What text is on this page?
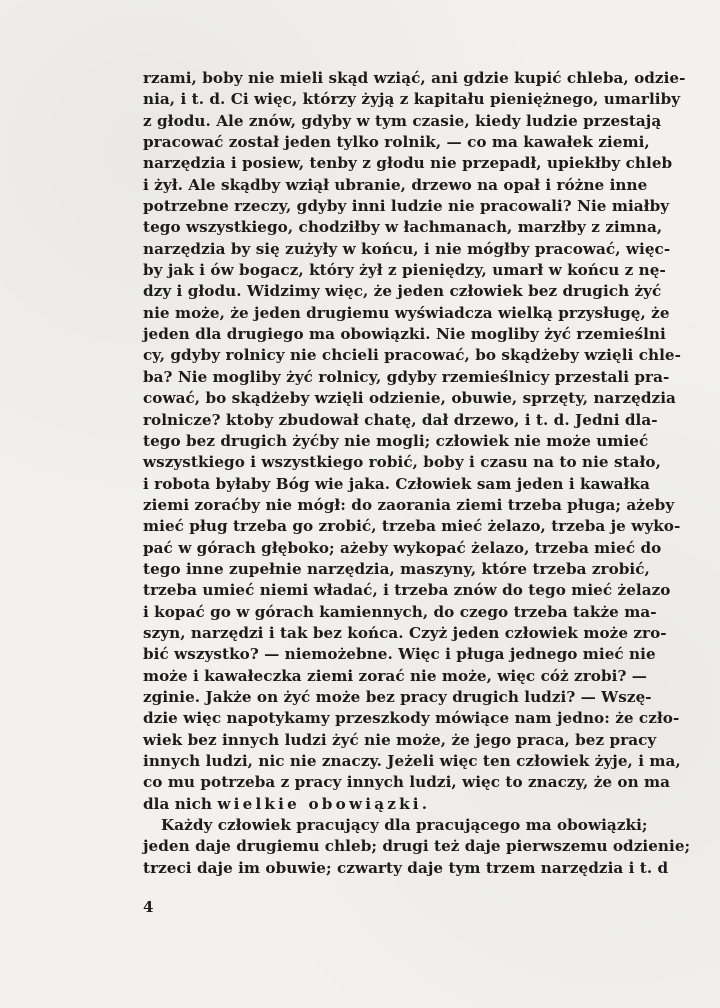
rzami, boby nie mieli skąd wziąć, ani gdzie kupić chleba, odzie-
nia, i t. d. Ci więc, którzy żyją z kapitału pieniężnego, umarliby
z głodu. Ale znów, gdyby w tym czasie, kiedy ludzie przestają
pracować został jeden tylko rolnik, — co ma kawałek ziemi,
narzędzia i posiew, tenby z głodu nie przepadł, upiekłby chleb
i żył. Ale skądby wziął ubranie, drzewo na opał i różne inne
potrzebne rzeczy, gdyby inni ludzie nie pracowali? Nie miałby
tego wszystkiego, chodziłby w łachmanach, marzłby z zimna,
narzędzia by się zużyły w końcu, i nie mógłby pracować, więc-
by jak i ów bogacz, który żył z pieniędzy, umarł w końcu z nę-
dzy i głodu. Widzimy więc, że jeden człowiek bez drugich żyć
nie może, że jeden drugiemu wyświadcza wielką przysługę, że
jeden dla drugiego ma obowiązki. Nie mogliby żyć rzemieślni
cy, gdyby rolnicy nie chcieli pracować, bo skądżeby wzięli chle-
ba? Nie mogliby żyć rolnicy, gdyby rzemieślnicy przestali pra-
cować, bo skądżeby wzięli odzienie, obuwie, sprzęty, narzędzia
rolnicze? ktoby zbudował chatę, dał drzewo, i t. d. Jedni dla-
tego bez drugich żyćby nie mogli; człowiek nie może umieć
wszystkiego i wszystkiego robić, boby i czasu na to nie stało,
i robota byłaby Bóg wie jaka. Człowiek sam jeden i kawałka
ziemi zoraćby nie mógł: do zaorania ziemi trzeba pługa; ażeby
mieć pług trzeba go zrobić, trzeba mieć żelazo, trzeba je wyko-
pać w górach głęboko; ażeby wykopać żelazo, trzeba mieć do
tego inne zupełnie narzędzia, maszyny, które trzeba zrobić,
trzeba umieć niemi władać, i trzeba znów do tego mieć żelazo
i kopać go w górach kamiennych, do czego trzeba także ma-
szyn, narzędzi i tak bez końca. Czyż jeden człowiek może zro-
bić wszystko? — niemożebne. Więc i pługa jednego mieć nie
może i kawałeczka ziemi zorać nie może, więc cóż zrobi? —
zginie. Jakże on żyć może bez pracy drugich ludzi? — Wszę-
dzie więc napotykamy przeszkody mówiące nam jedno: że czło-
wiek bez innych ludzi żyć nie może, że jego praca, bez pracy
innych ludzi, nic nie znaczy. Jeżeli więc ten człowiek żyje, i ma,
co mu potrzeba z pracy innych ludzi, więc to znaczy, że on ma
dla nich wielkie obowiązki.
Każdy człowiek pracujący dla pracującego ma obowiązki;
jeden daje drugiemu chleb; drugi też daje pierwszemu odzienie;
trzeci daje im obuwie; czwarty daje tym trzem narzędzia i t. d
4
